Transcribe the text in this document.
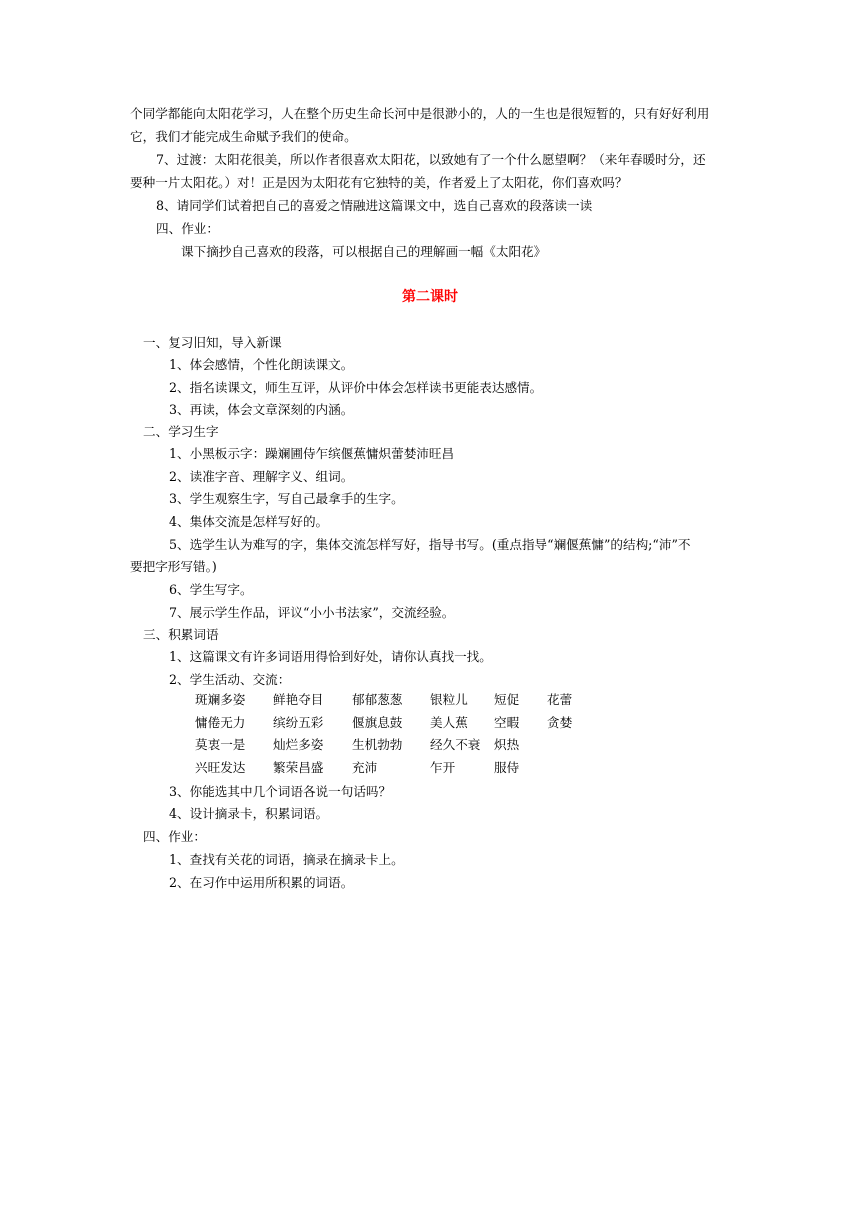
个同学都能向太阳花学习，人在整个历史生命长河中是很渺小的，人的一生也是很短暂的，只有好好利用
它，我们才能完成生命赋予我们的使命。
7、过渡：太阳花很美，所以作者很喜欢太阳花，以致她有了一个什么愿望啊？（来年春暖时分，还
要种一片太阳花。）对！正是因为太阳花有它独特的美，作者爱上了太阳花，你们喜欢吗？
8、请同学们试着把自己的喜爱之情融进这篇课文中，选自己喜欢的段落读一读
四、作业：
课下摘抄自己喜欢的段落，可以根据自己的理解画一幅《太阳花》
第二课时
一、复习旧知，导入新课
1、体会感情，个性化朗读课文。
2、指名读课文，师生互评，从评价中体会怎样读书更能表达感情。
3、再读，体会文章深刻的内涵。
二、学习生字
1、小黑板示字：躁斓圃侍乍缤偃蕉慵炽蕾婪沛旺昌
2、读准字音、理解字义、组词。
3、学生观察生字，写自己最拿手的生字。
4、集体交流是怎样写好的。
5、选学生认为难写的字，集体交流怎样写好，指导书写。(重点指导“斓偃蕉慵”的结构;“沛”不
要把字形写错。)
6、学生写字。
7、展示学生作品，评议“小小书法家”，交流经验。
三、积累词语
1、这篇课文有许多词语用得恰到好处，请你认真找一找。
2、学生活动、交流：
斑斓多姿 鲜艳夺目 郁郁葱葱 银粒儿 短促 花蕾
慵倦无力 缤纷五彩 偃旗息鼓 美人蕉 空暇 贪婪
莫衷一是 灿烂多姿 生机勃勃 经久不衰 炽热
兴旺发达 繁荣昌盛 充沛	乍开	服侍
3、你能选其中几个词语各说一句话吗？
4、设计摘录卡，积累词语。
四、作业：
1、查找有关花的词语，摘录在摘录卡上。
2、在习作中运用所积累的词语。
